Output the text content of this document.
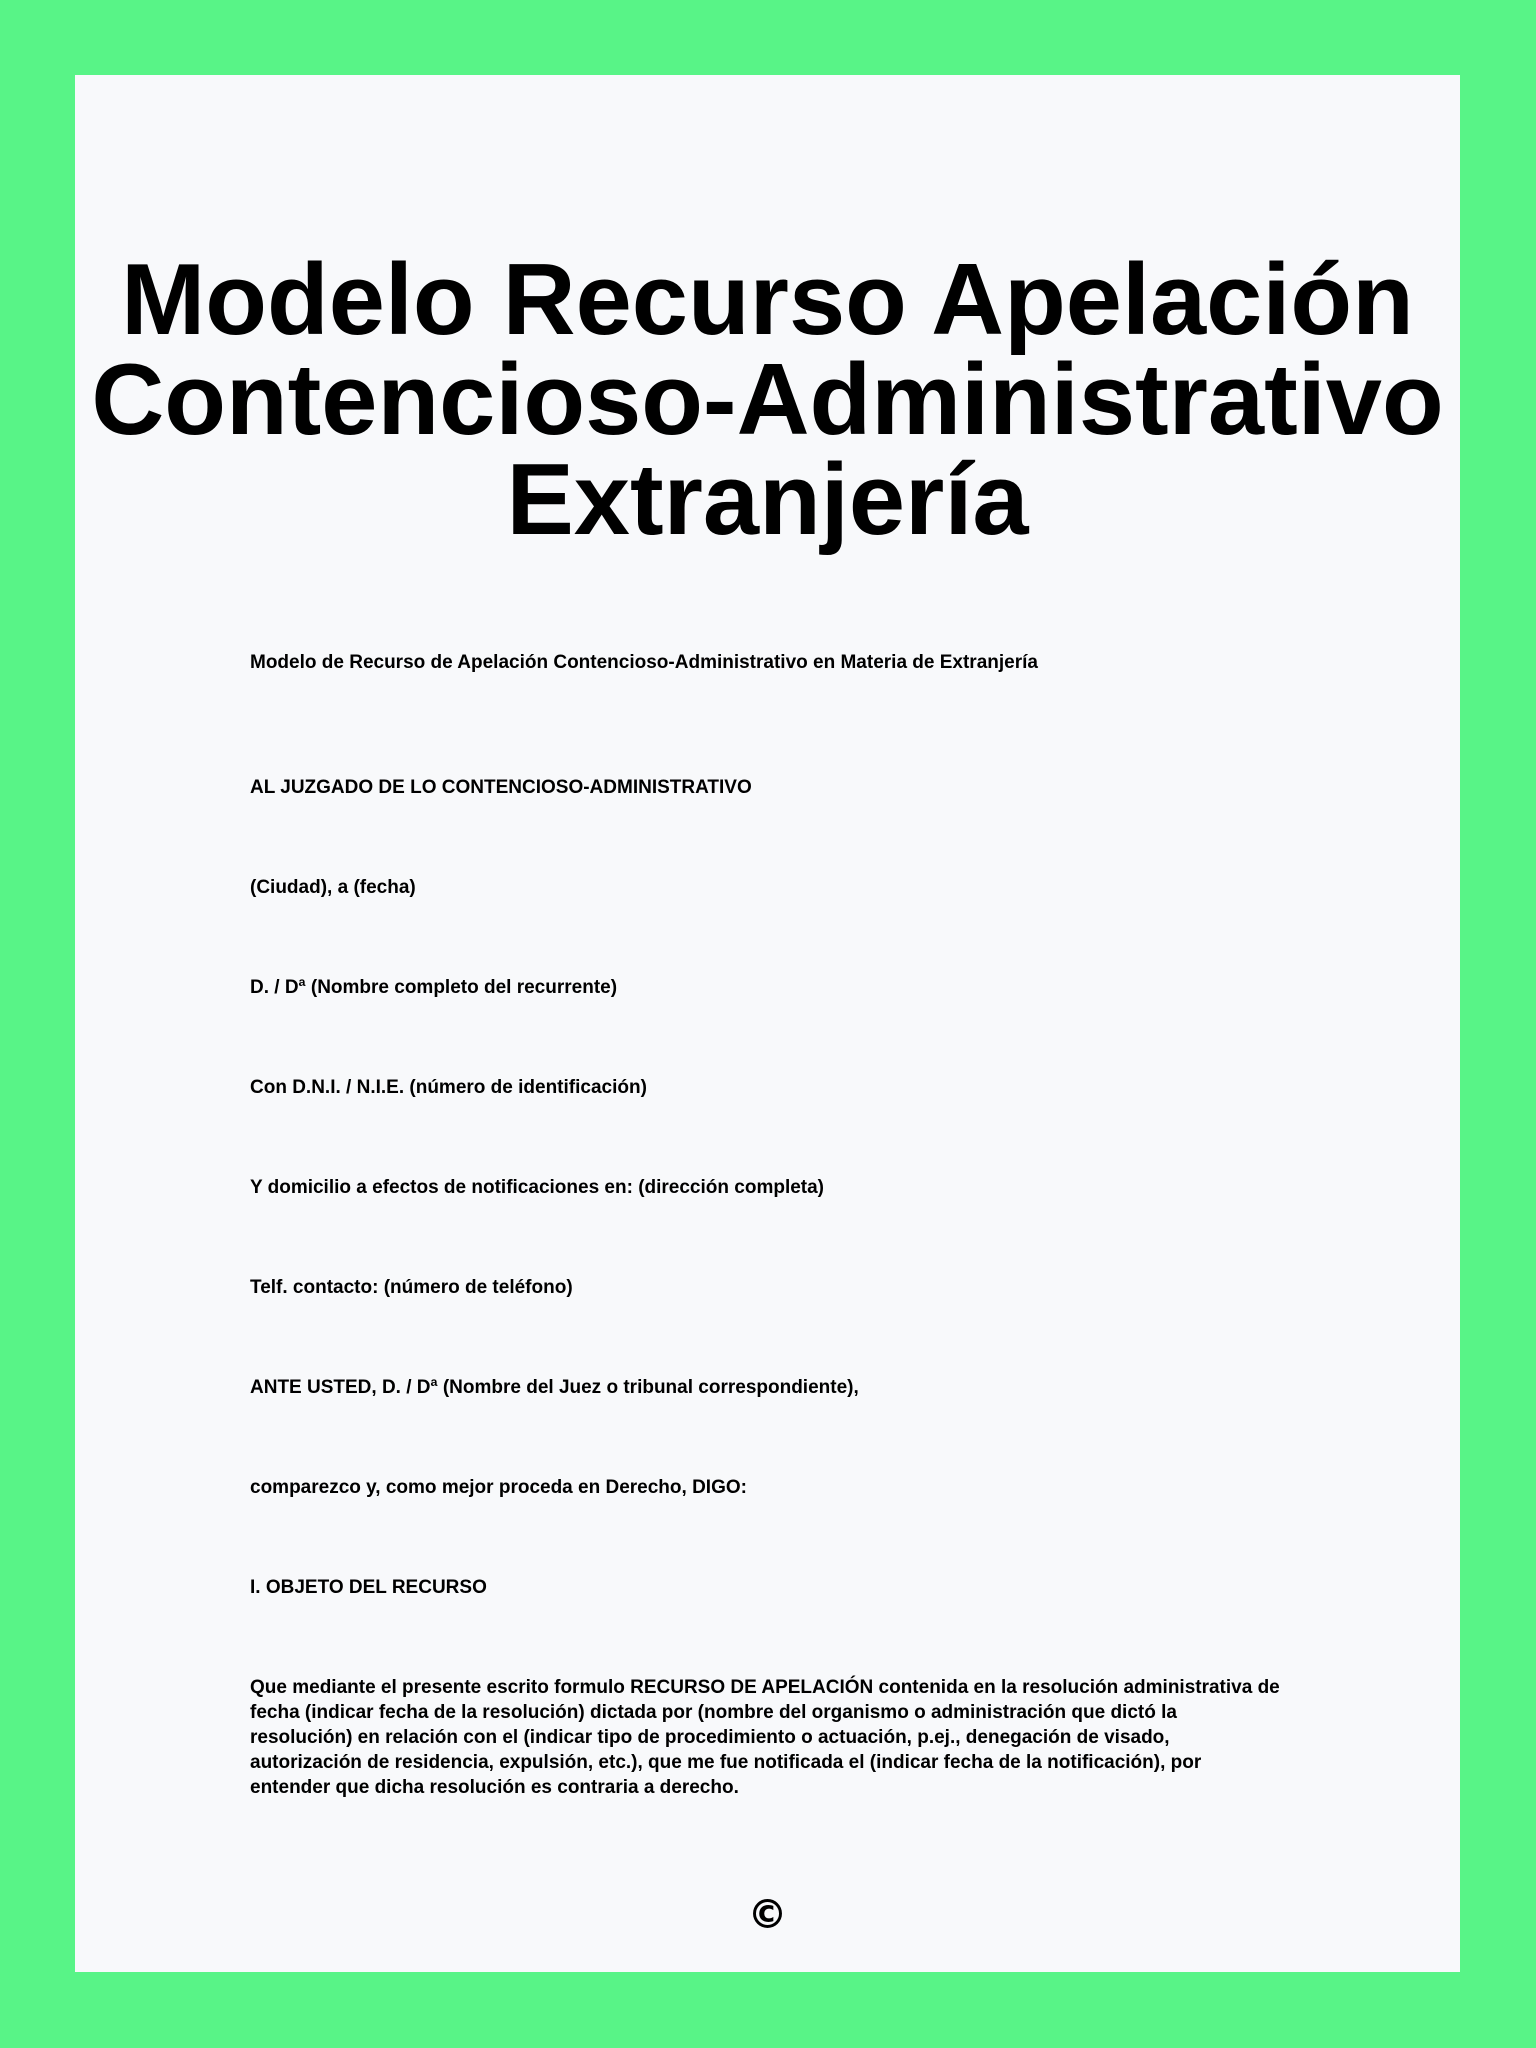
Modelo Recurso Apelación
Contencioso-Administrativo
Extranjería

Modelo de Recurso de Apelación Contencioso-Administrativo en Materia de Extranjería

AL JUZGADO DE LO CONTENCIOSO-ADMINISTRATIVO

(Ciudad), a (fecha)

D. / Dª (Nombre completo del recurrente)

Con D.N.I. / N.I.E. (número de identificación)

Y domicilio a efectos de notificaciones en: (dirección completa)

Telf. contacto: (número de teléfono)

ANTE USTED, D. / Dª (Nombre del Juez o tribunal correspondiente),

comparezco y, como mejor proceda en Derecho, DIGO:

I. OBJETO DEL RECURSO

Que mediante el presente escrito formulo RECURSO DE APELACIÓN contenida en la resolución administrativa de fecha (indicar fecha de la resolución) dictada por (nombre del organismo o administración que dictó la resolución) en relación con el (indicar tipo de procedimiento o actuación, p.ej., denegación de visado, autorización de residencia, expulsión, etc.), que me fue notificada el (indicar fecha de la notificación), por entender que dicha resolución es contraria a derecho.

©
